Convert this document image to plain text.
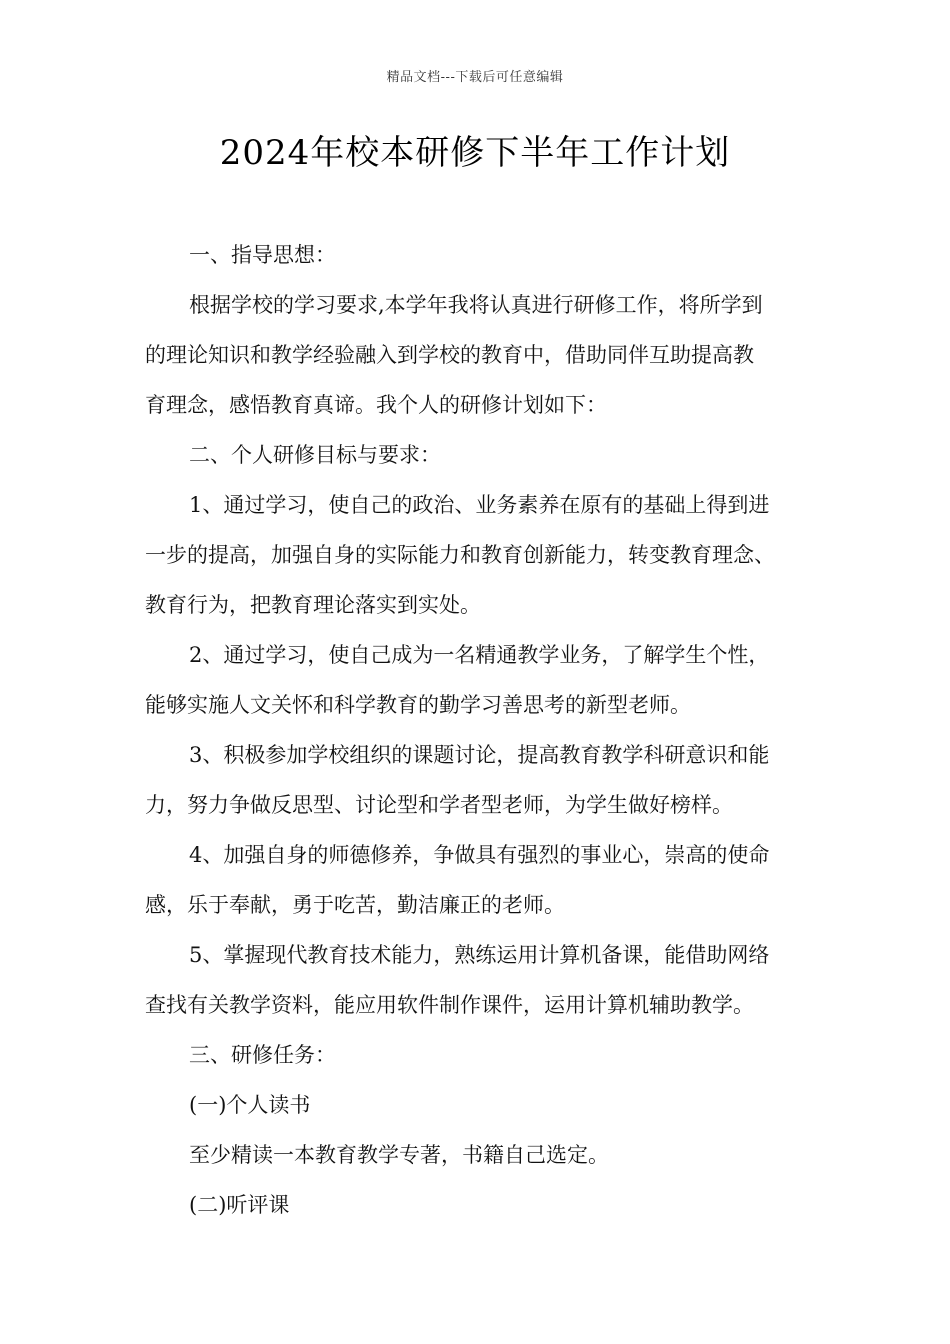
精品文档---下载后可任意编辑
2024年校本研修下半年工作计划

一、指导思想：

根据学校的学习要求,本学年我将认真进行研修工作，将所学到

的理论知识和教学经验融入到学校的教育中，借助同伴互助提高教

育理念，感悟教育真谛。我个人的研修计划如下：

二、个人研修目标与要求：

1、通过学习，使自己的政治、业务素养在原有的基础上得到进

一步的提高，加强自身的实际能力和教育创新能力，转变教育理念、

教育行为，把教育理论落实到实处。

2、通过学习，使自己成为一名精通教学业务，了解学生个性，

能够实施人文关怀和科学教育的勤学习善思考的新型老师。

3、积极参加学校组织的课题讨论，提高教育教学科研意识和能

力，努力争做反思型、讨论型和学者型老师，为学生做好榜样。

4、加强自身的师德修养，争做具有强烈的事业心，崇高的使命

感，乐于奉献，勇于吃苦，勤洁廉正的老师。

5、掌握现代教育技术能力，熟练运用计算机备课，能借助网络

查找有关教学资料，能应用软件制作课件，运用计算机辅助教学。

三、研修任务：

(一)个人读书

至少精读一本教育教学专著，书籍自己选定。

(二)听评课
